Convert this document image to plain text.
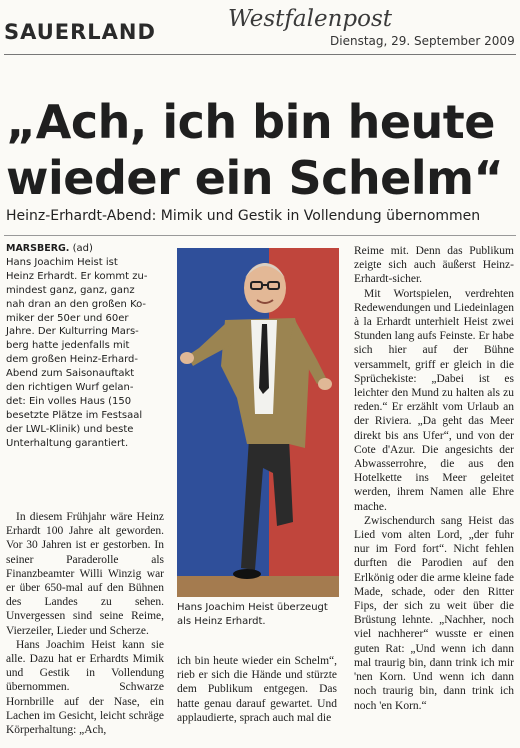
SAUERLAND	Westfalenpost
Dienstag, 29. September 2009
„Ach, ich bin heute
wieder ein Schelm“
Heinz-Erhardt-Abend: Mimik und Gestik in Vollendung übernommen

MARSBERG. (ad)

Hans Joachim Heist ist

Heinz Erhardt. Er kommt zu-

mindest ganz, ganz, ganz

nah dran an den großen Ko-

miker der 50er und 60er

Jahre. Der Kulturring Mars-

berg hatte jedenfalls mit

dem großen Heinz-Erhard-

Abend zum Saisonauftakt

den richtigen Wurf gelan-

det: Ein volles Haus (150

besetzte Plätze im Festsaal

der LWL-Klinik) und beste

Unterhaltung garantiert.

In diesem Frühjahr wäre Heinz Erhardt 100 Jahre alt geworden. Vor 30 Jahren ist er gestorben. In seiner Paraderolle als Finanzbeamter Willi Winzig war er über 650-mal auf den Bühnen des Landes zu sehen. Unvergessen sind seine Reime, Vierzeiler, Lieder und Scherze.

Hans Joachim Heist kann sie alle. Dazu hat er Erhardts Mimik und Gestik in Vollendung übernommen. Schwarze Hornbrille auf der Nase, ein Lachen im Gesicht, leicht schräge Körperhaltung: „Ach,

Hans Joachim Heist überzeugt als Heinz Erhardt.

ich bin heute wieder ein Schelm“, rieb er sich die Hände und stürzte dem Publikum entgegen. Das hatte genau darauf gewartet. Und applaudierte, sprach auch mal die

Reime mit. Denn das Publikum zeigte sich auch äußerst Heinz-Erhardt-sicher.

Mit Wortspielen, verdrehten Redewendungen und Liedeinlagen à la Erhardt unterhielt Heist zwei Stunden lang aufs Feinste. Er habe sich hier auf der Bühne versammelt, griff er gleich in die Sprüchekiste: „Dabei ist es leichter den Mund zu halten als zu reden.“ Er erzählt vom Urlaub an der Riviera. „Da geht das Meer direkt bis ans Ufer“, und von der Cote d'Azur. Die angesichts der Abwasserrohre, die aus den Hotelkette ins Meer geleitet werden, ihrem Namen alle Ehre mache.

Zwischendurch sang Heist das Lied vom alten Lord, „der fuhr nur im Ford fort“. Nicht fehlen durften die Parodien auf den Erlkönig oder die arme kleine fade Made, schade, oder den Ritter Fips, der sich zu weit über die Brüstung lehnte. „Nachher, noch viel nachherer“ wusste er einen guten Rat: „Und wenn ich dann mal traurig bin, dann trink ich mir 'nen Korn. Und wenn ich dann noch traurig bin, dann trink ich noch 'en Korn.“
